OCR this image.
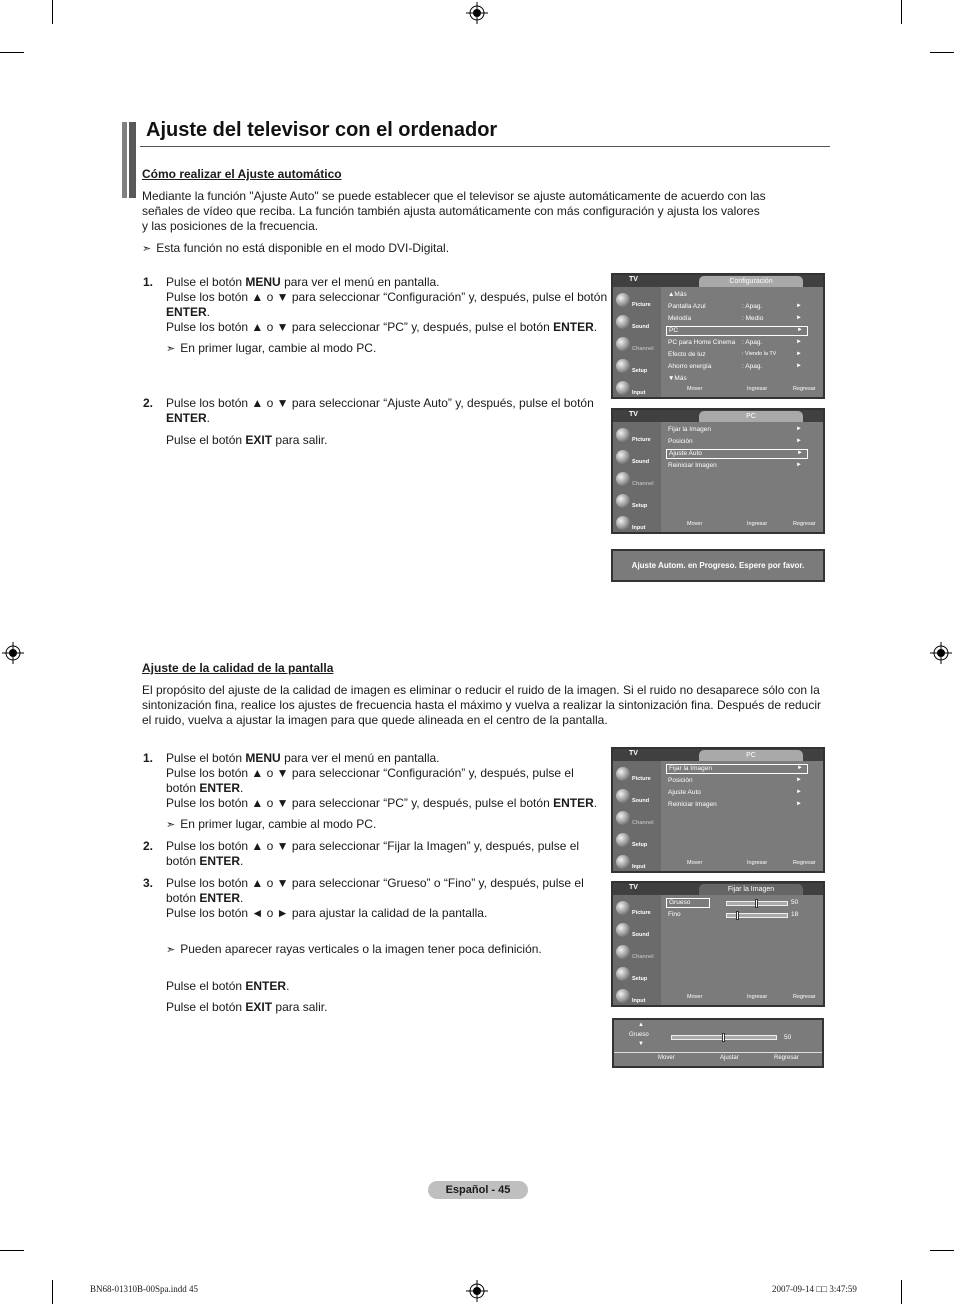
Ajuste del televisor con el ordenador
Cómo realizar el Ajuste automático
Mediante la función "Ajuste Auto" se puede establecer que el televisor se ajuste automáticamente de acuerdo con las
señales de vídeo que reciba. La función también ajusta automáticamente con más configuración y ajusta los valores
y las posiciones de la frecuencia.
➣ Esta función no está disponible en el modo DVI-Digital.
1. Pulse el botón MENU para ver el menú en pantalla.
Pulse los botón ▲ o ▼ para seleccionar “Configuración” y, después, pulse el botón
ENTER.
Pulse los botón ▲ o ▼ para seleccionar “PC” y, después, pulse el botón ENTER.
➣ En primer lugar, cambie al modo PC.
2. Pulse los botón ▲ o ▼ para seleccionar “Ajuste Auto” y, después, pulse el botón
ENTER.
Pulse el botón EXIT para salir.
TV	Configuración
Picture
Sound
Channel
Setup
Input
▲Más
Pantalla Azul	: Apag.	►
Melodía	: Medio	►
PC	►
PC para Home Cinema : Apag.	►
Efecto de luz	: Viendo la TV	►
Ahorro energía	: Apag.	►
▼Más
Mover	Ingresar	Regresar
TV	PC
Picture
Sound
Channel
Setup
Input
Fijar la Imagen	►
Posición	►
Ajuste Auto	►
Reiniciar Imagen	►
Mover	Ingresar	Regresar
Ajuste Autom. en Progreso. Espere por favor.
Ajuste de la calidad de la pantalla
El propósito del ajuste de la calidad de imagen es eliminar o reducir el ruido de la imagen. Si el ruido no desaparece sólo con la
sintonización fina, realice los ajustes de frecuencia hasta el máximo y vuelva a realizar la sintonización fina. Después de reducir
el ruido, vuelva a ajustar la imagen para que quede alineada en el centro de la pantalla.
1. Pulse el botón MENU para ver el menú en pantalla.
Pulse los botón ▲ o ▼ para seleccionar “Configuración” y, después, pulse el
botón ENTER.
Pulse los botón ▲ o ▼ para seleccionar “PC” y, después, pulse el botón ENTER.
➣ En primer lugar, cambie al modo PC.
2. Pulse los botón ▲ o ▼ para seleccionar “Fijar la Imagen” y, después, pulse el
botón ENTER.
3. Pulse los botón ▲ o ▼ para seleccionar “Grueso” o “Fino” y, después, pulse el
botón ENTER.
Pulse los botón ◄ o ► para ajustar la calidad de la pantalla.
➣ Pueden aparecer rayas verticales o la imagen tener poca definición.
Pulse el botón ENTER.
Pulse el botón EXIT para salir.
TV	PC
Picture
Sound
Channel
Setup
Input
Fijar la Imagen	►
Posición	►
Ajuste Auto	►
Reiniciar Imagen	►
Mover	Ingresar	Regresar
TV	Fijar la Imagen
Picture
Sound
Channel
Setup
Input
Grueso	50
Fino	18
Mover	Ingresar	Regresar
▲
Grueso
▼
50
Mover	Ajustar	Regresar
Español - 45
BN68-01310B-00Spa.indd 45	2007-09-14 □□ 3:47:59
